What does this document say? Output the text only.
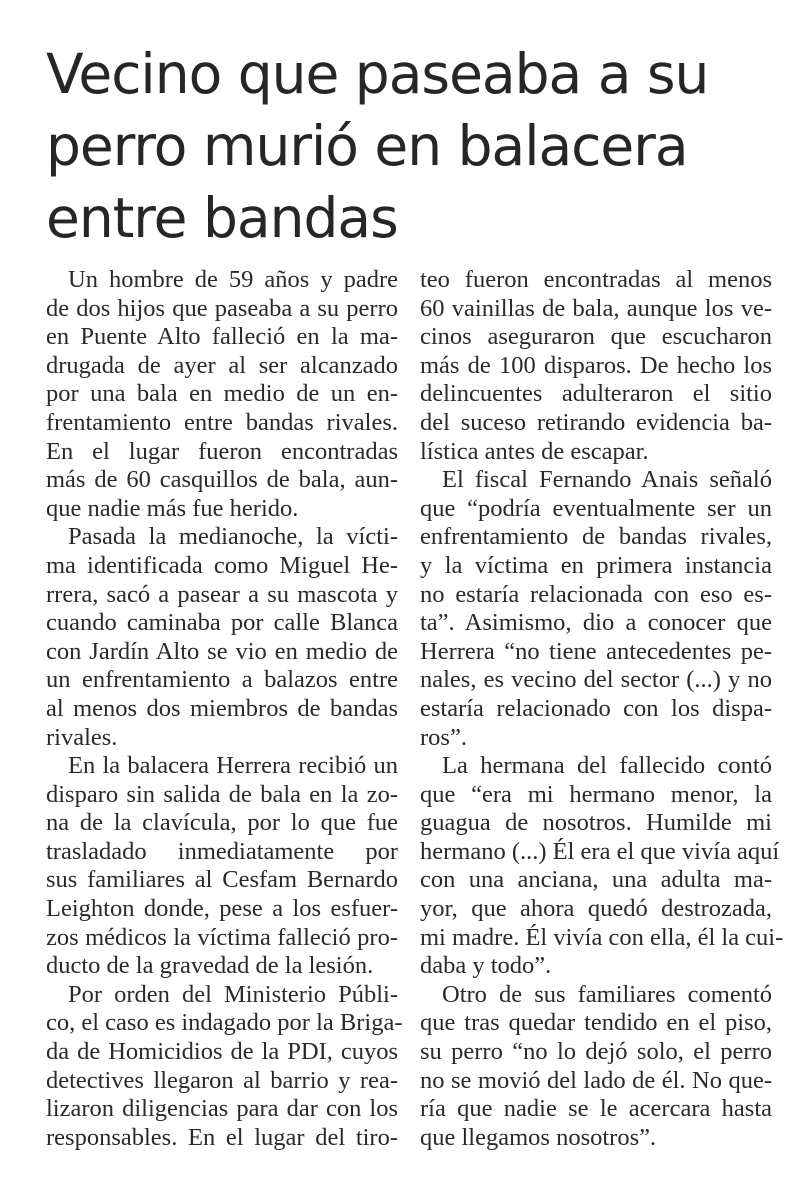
Vecino que paseaba a su
perro murió en balacera
entre bandas
Un hombre de 59 años y padre
de dos hijos que paseaba a su perro
en Puente Alto falleció en la ma-
drugada de ayer al ser alcanzado
por una bala en medio de un en-
frentamiento entre bandas rivales.
En el lugar fueron encontradas
más de 60 casquillos de bala, aun-
que nadie más fue herido.
Pasada la medianoche, la vícti-
ma identificada como Miguel He-
rrera, sacó a pasear a su mascota y
cuando caminaba por calle Blanca
con Jardín Alto se vio en medio de
un enfrentamiento a balazos entre
al menos dos miembros de bandas
rivales.
En la balacera Herrera recibió un
disparo sin salida de bala en la zo-
na de la clavícula, por lo que fue
trasladado inmediatamente por
sus familiares al Cesfam Bernardo
Leighton donde, pese a los esfuer-
zos médicos la víctima falleció pro-
ducto de la gravedad de la lesión.
Por orden del Ministerio Públi-
co, el caso es indagado por la Briga-
da de Homicidios de la PDI, cuyos
detectives llegaron al barrio y rea-
lizaron diligencias para dar con los
responsables. En el lugar del tiro-
teo fueron encontradas al menos
60 vainillas de bala, aunque los ve-
cinos aseguraron que escucharon
más de 100 disparos. De hecho los
delincuentes adulteraron el sitio
del suceso retirando evidencia ba-
lística antes de escapar.
El fiscal Fernando Anais señaló
que “podría eventualmente ser un
enfrentamiento de bandas rivales,
y la víctima en primera instancia
no estaría relacionada con eso es-
ta”. Asimismo, dio a conocer que
Herrera “no tiene antecedentes pe-
nales, es vecino del sector (...) y no
estaría relacionado con los dispa-
ros”.
La hermana del fallecido contó
que “era mi hermano menor, la
guagua de nosotros. Humilde mi
hermano (...) Él era el que vivía aquí
con una anciana, una adulta ma-
yor, que ahora quedó destrozada,
mi madre. Él vivía con ella, él la cui-
daba y todo”.
Otro de sus familiares comentó
que tras quedar tendido en el piso,
su perro “no lo dejó solo, el perro
no se movió del lado de él. No que-
ría que nadie se le acercara hasta
que llegamos nosotros”.
